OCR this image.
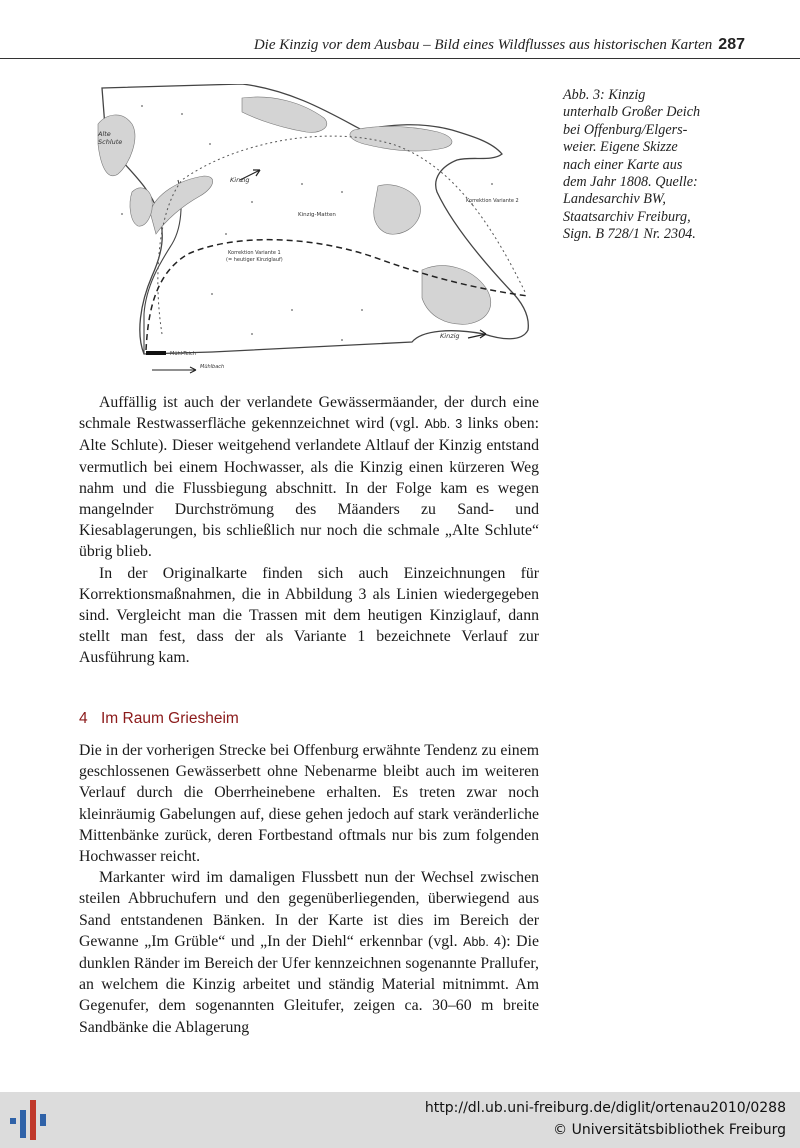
Die Kinzig vor dem Ausbau – Bild eines Wildflusses aus historischen Karten 287
Alte
Schlute
Kinzig
Kinzig-Matten
Korrektion Variante 2
Korrektion Variante 1
(= heutiger Kinziglauf)
Kinzig
Mühl-Teich
Mühlbach
Abb. 3: Kinzig
unterhalb Großer Deich
bei Offenburg/Elgers-
weier. Eigene Skizze
nach einer Karte aus
dem Jahr 1808. Quelle:
Landesarchiv BW,
Staatsarchiv Freiburg,
Sign. B 728/1 Nr. 2304.

Auffällig ist auch der verlandete Gewässermäander, der durch eine schmale Restwasserfläche gekennzeichnet wird (vgl. Abb. 3 links oben: Alte Schlute). Dieser weitgehend verlandete Altlauf der Kinzig entstand vermutlich bei einem Hochwasser, als die Kinzig einen kürzeren Weg nahm und die Flussbiegung abschnitt. In der Folge kam es wegen mangelnder Durchströmung des Mäanders zu Sand- und Kiesablagerungen, bis schließlich nur noch die schmale „Alte Schlute“ übrig blieb.

In der Originalkarte finden sich auch Einzeichnungen für Korrektionsmaßnahmen, die in Abbildung 3 als Linien wiedergegeben sind. Vergleicht man die Trassen mit dem heutigen Kinziglauf, dann stellt man fest, dass der als Variante 1 bezeichnete Verlauf zur Ausführung kam.

4 Im Raum Griesheim

Die in der vorherigen Strecke bei Offenburg erwähnte Tendenz zu einem geschlossenen Gewässerbett ohne Nebenarme bleibt auch im weiteren Verlauf durch die Oberrheinebene erhalten. Es treten zwar noch kleinräumig Gabelungen auf, diese gehen jedoch auf stark veränderliche Mittenbänke zurück, deren Fortbestand oftmals nur bis zum folgenden Hochwasser reicht.

Markanter wird im damaligen Flussbett nun der Wechsel zwischen steilen Abbruchufern und den gegenüberliegenden, überwiegend aus Sand entstandenen Bänken. In der Karte ist dies im Bereich der Gewanne „Im Grüble“ und „In der Diehl“ erkennbar (vgl. Abb. 4): Die dunklen Ränder im Bereich der Ufer kennzeichnen sogenannte Prallufer, an welchem die Kinzig arbeitet und ständig Material mitnimmt. Am Gegenufer, dem sogenannten Gleitufer, zeigen ca. 30–60 m breite Sandbänke die Ablagerung

http://dl.ub.uni-freiburg.de/diglit/ortenau2010/0288
© Universitätsbibliothek Freiburg
